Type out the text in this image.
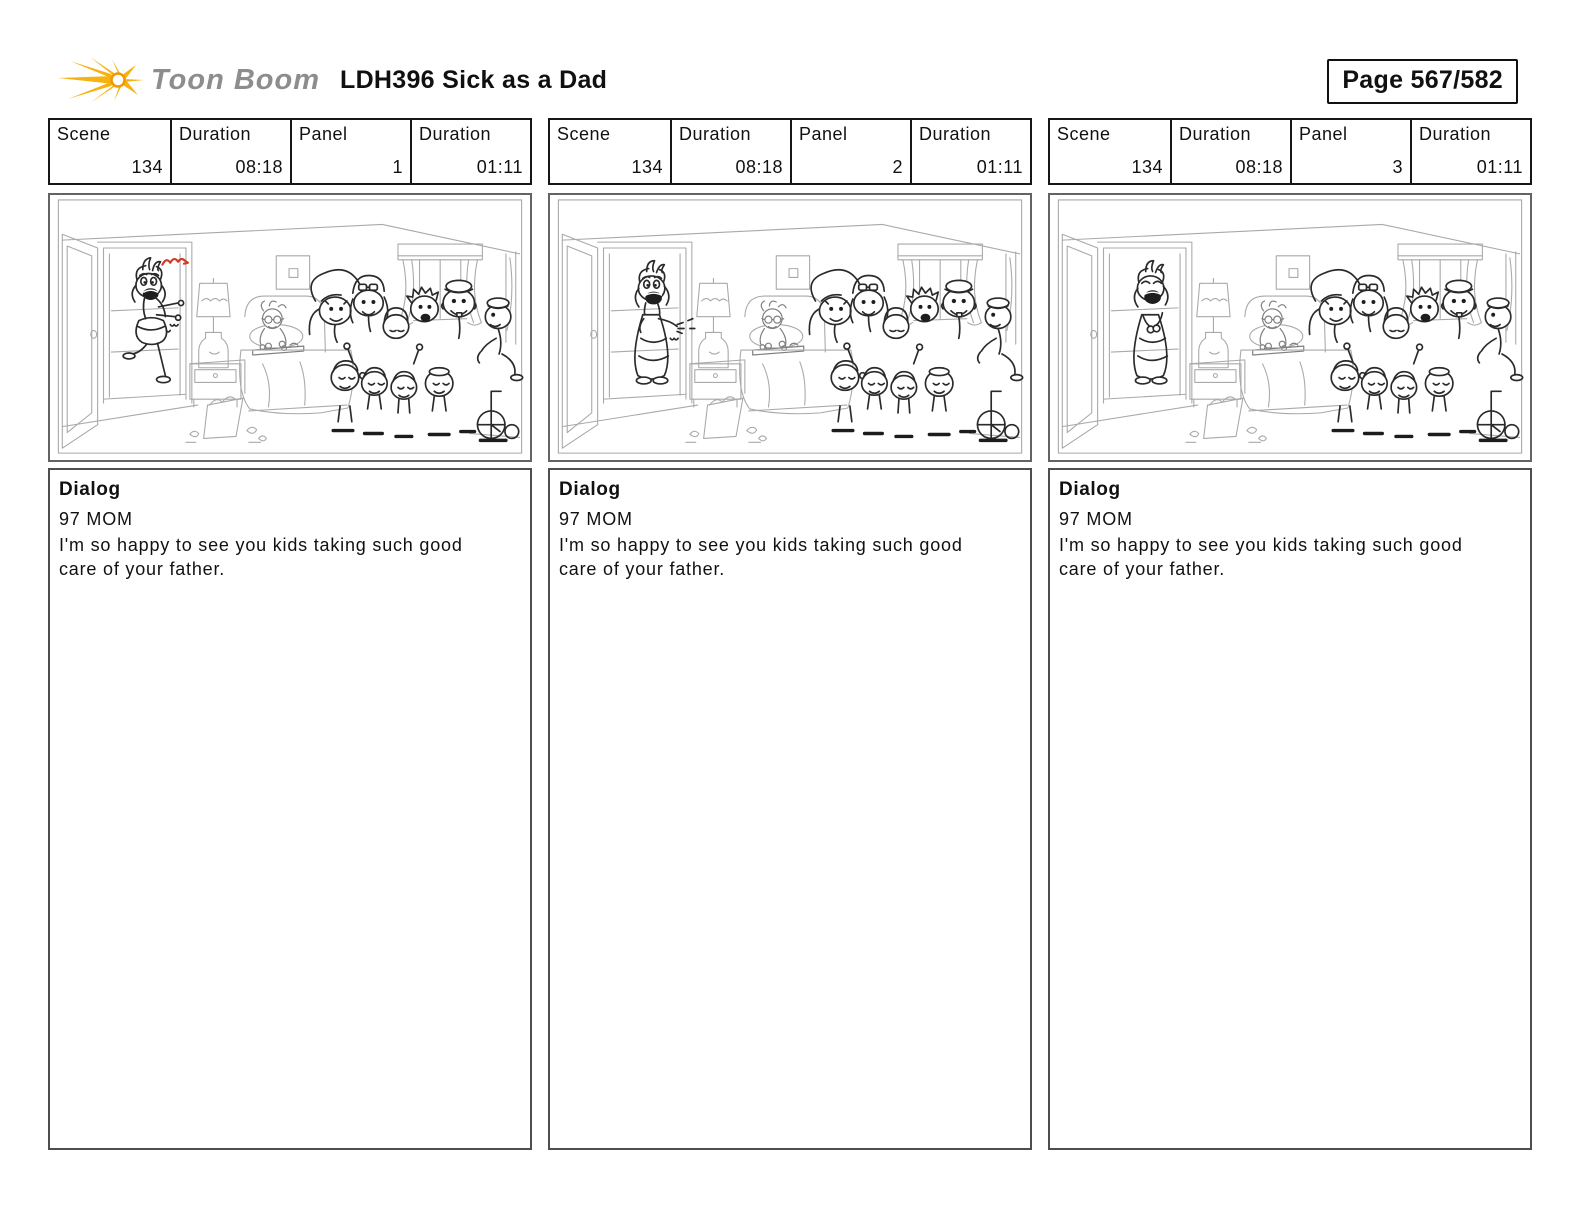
Toon Boom LDH396 Sick as a Dad	Page 567/582
Scene
134
Duration
08:18
Panel
1
Duration
01:11
Dialog

97 MOM

I'm so happy to see you kids taking such good care of your father.

Scene
134
Duration
08:18
Panel
2
Duration
01:11
Dialog

97 MOM

I'm so happy to see you kids taking such good care of your father.

Scene
134
Duration
08:18
Panel
3
Duration
01:11
Dialog

97 MOM

I'm so happy to see you kids taking such good care of your father.
